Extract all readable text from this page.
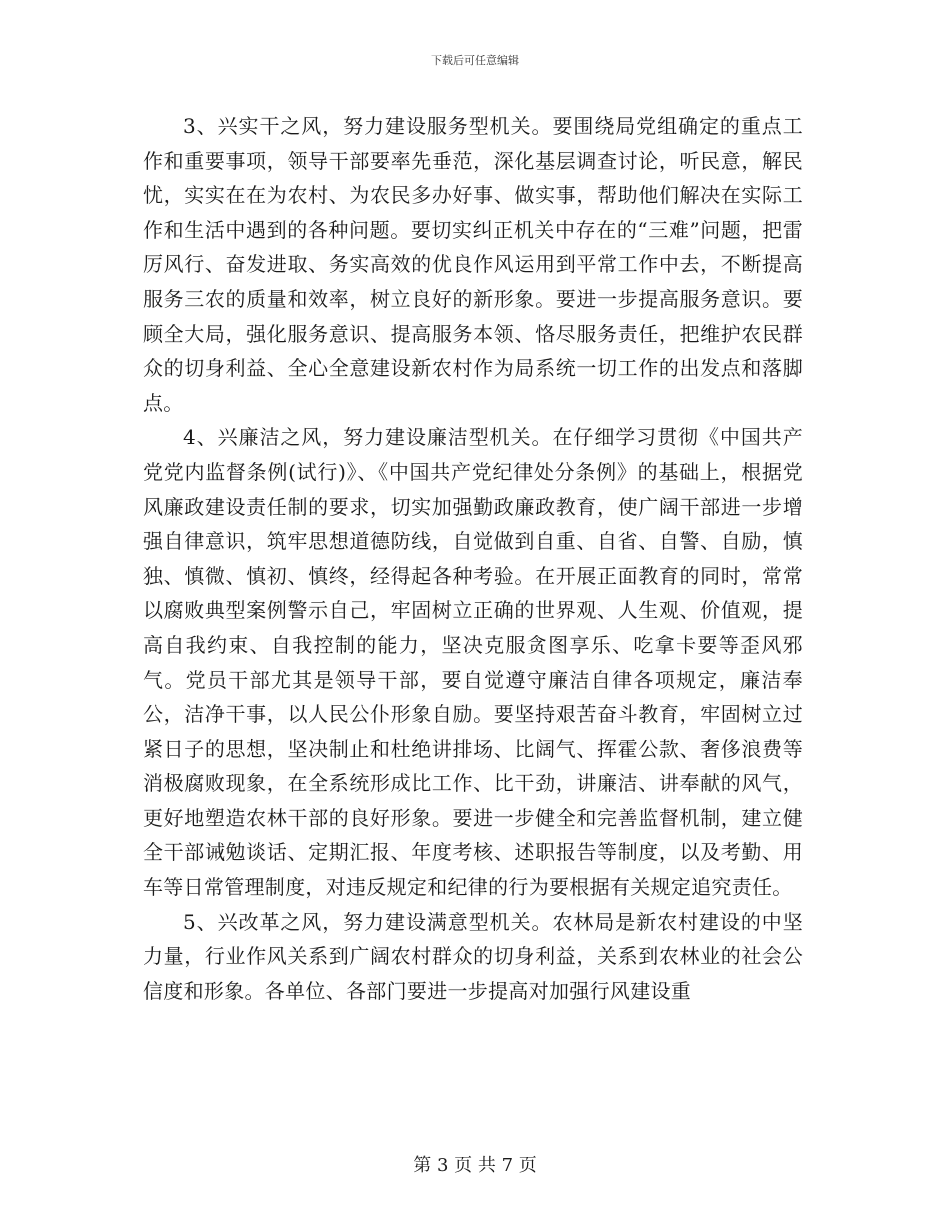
下载后可任意编辑

3、兴实干之风，努力建设服务型机关。要围绕局党组确定的重点工作和重要事项，领导干部要率先垂范，深化基层调查讨论，听民意，解民忧，实实在在为农村、为农民多办好事、做实事，帮助他们解决在实际工作和生活中遇到的各种问题。要切实纠正机关中存在的“三难”问题，把雷厉风行、奋发进取、务实高效的优良作风运用到平常工作中去，不断提高服务三农的质量和效率，树立良好的新形象。要进一步提高服务意识。要顾全大局，强化服务意识、提高服务本领、恪尽服务责任，把维护农民群众的切身利益、全心全意建设新农村作为局系统一切工作的出发点和落脚点。

4、兴廉洁之风，努力建设廉洁型机关。在仔细学习贯彻《中国共产党党内监督条例(试行)》、《中国共产党纪律处分条例》的基础上，根据党风廉政建设责任制的要求，切实加强勤政廉政教育，使广阔干部进一步增强自律意识，筑牢思想道德防线，自觉做到自重、自省、自警、自励，慎独、慎微、慎初、慎终，经得起各种考验。在开展正面教育的同时，常常以腐败典型案例警示自己，牢固树立正确的世界观、人生观、价值观，提高自我约束、自我控制的能力，坚决克服贪图享乐、吃拿卡要等歪风邪气。党员干部尤其是领导干部，要自觉遵守廉洁自律各项规定，廉洁奉公，洁净干事，以人民公仆形象自励。要坚持艰苦奋斗教育，牢固树立过紧日子的思想，坚决制止和杜绝讲排场、比阔气、挥霍公款、奢侈浪费等消极腐败现象，在全系统形成比工作、比干劲，讲廉洁、讲奉献的风气，更好地塑造农林干部的良好形象。要进一步健全和完善监督机制，建立健全干部诫勉谈话、定期汇报、年度考核、述职报告等制度，以及考勤、用车等日常管理制度，对违反规定和纪律的行为要根据有关规定追究责任。

5、兴改革之风，努力建设满意型机关。农林局是新农村建设的中坚力量，行业作风关系到广阔农村群众的切身利益，关系到农林业的社会公信度和形象。各单位、各部门要进一步提高对加强行风建设重

第 3 页 共 7 页
